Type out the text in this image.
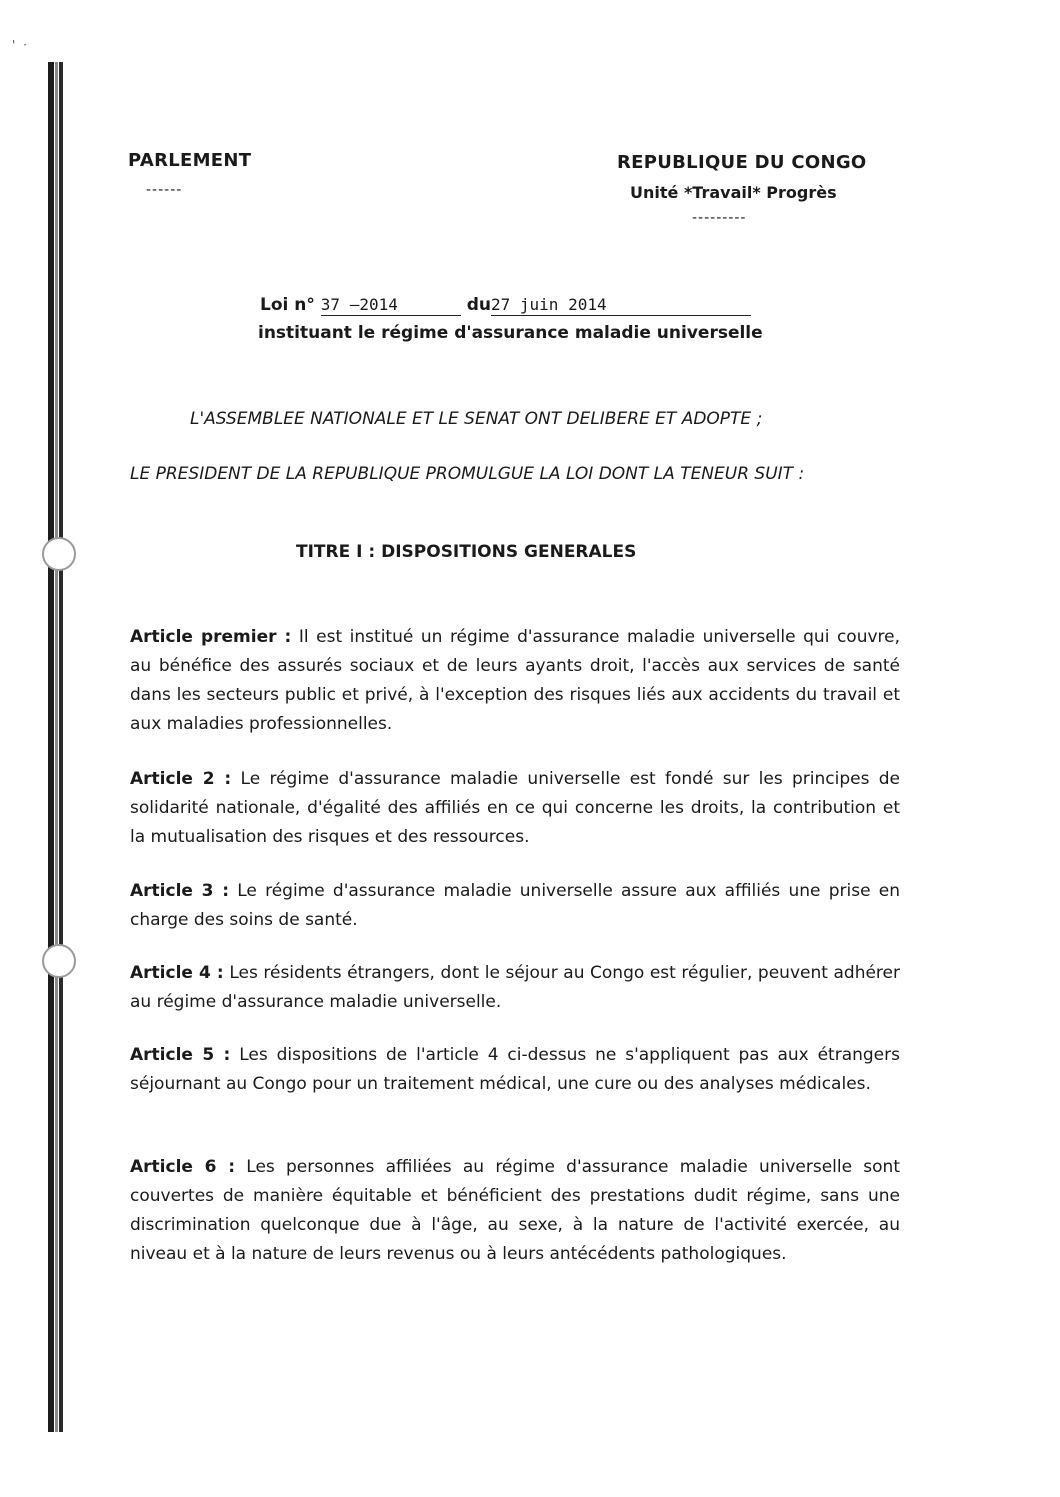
' ·
PARLEMENT
------
REPUBLIQUE DU CONGO
Unité *Travail* Progrès
---------
Loi n° 37 –2014	du27 juin 2014
instituant le régime d'assurance maladie universelle
L'ASSEMBLEE NATIONALE ET LE SENAT ONT DELIBERE ET ADOPTE ;
LE PRESIDENT DE LA REPUBLIQUE PROMULGUE LA LOI DONT LA TENEUR SUIT :
TITRE I : DISPOSITIONS GENERALES
Article premier : Il est institué un régime d'assurance maladie universelle qui couvre, au bénéfice des assurés sociaux et de leurs ayants droit, l'accès aux services de santé dans les secteurs public et privé, à l'exception des risques liés aux accidents du travail et aux maladies professionnelles.
Article 2 : Le régime d'assurance maladie universelle est fondé sur les principes de solidarité nationale, d'égalité des affiliés en ce qui concerne les droits, la contribution et la mutualisation des risques et des ressources.
Article 3 : Le régime d'assurance maladie universelle assure aux affiliés une prise en charge des soins de santé.
Article 4 : Les résidents étrangers, dont le séjour au Congo est régulier, peuvent adhérer au régime d'assurance maladie universelle.
Article 5 : Les dispositions de l'article 4 ci-dessus ne s'appliquent pas aux étrangers séjournant au Congo pour un traitement médical, une cure ou des analyses médicales.
Article 6 : Les personnes affiliées au régime d'assurance maladie universelle sont couvertes de manière équitable et bénéficient des prestations dudit régime, sans une discrimination quelconque due à l'âge, au sexe, à la nature de l'activité exercée, au niveau et à la nature de leurs revenus ou à leurs antécédents pathologiques.
